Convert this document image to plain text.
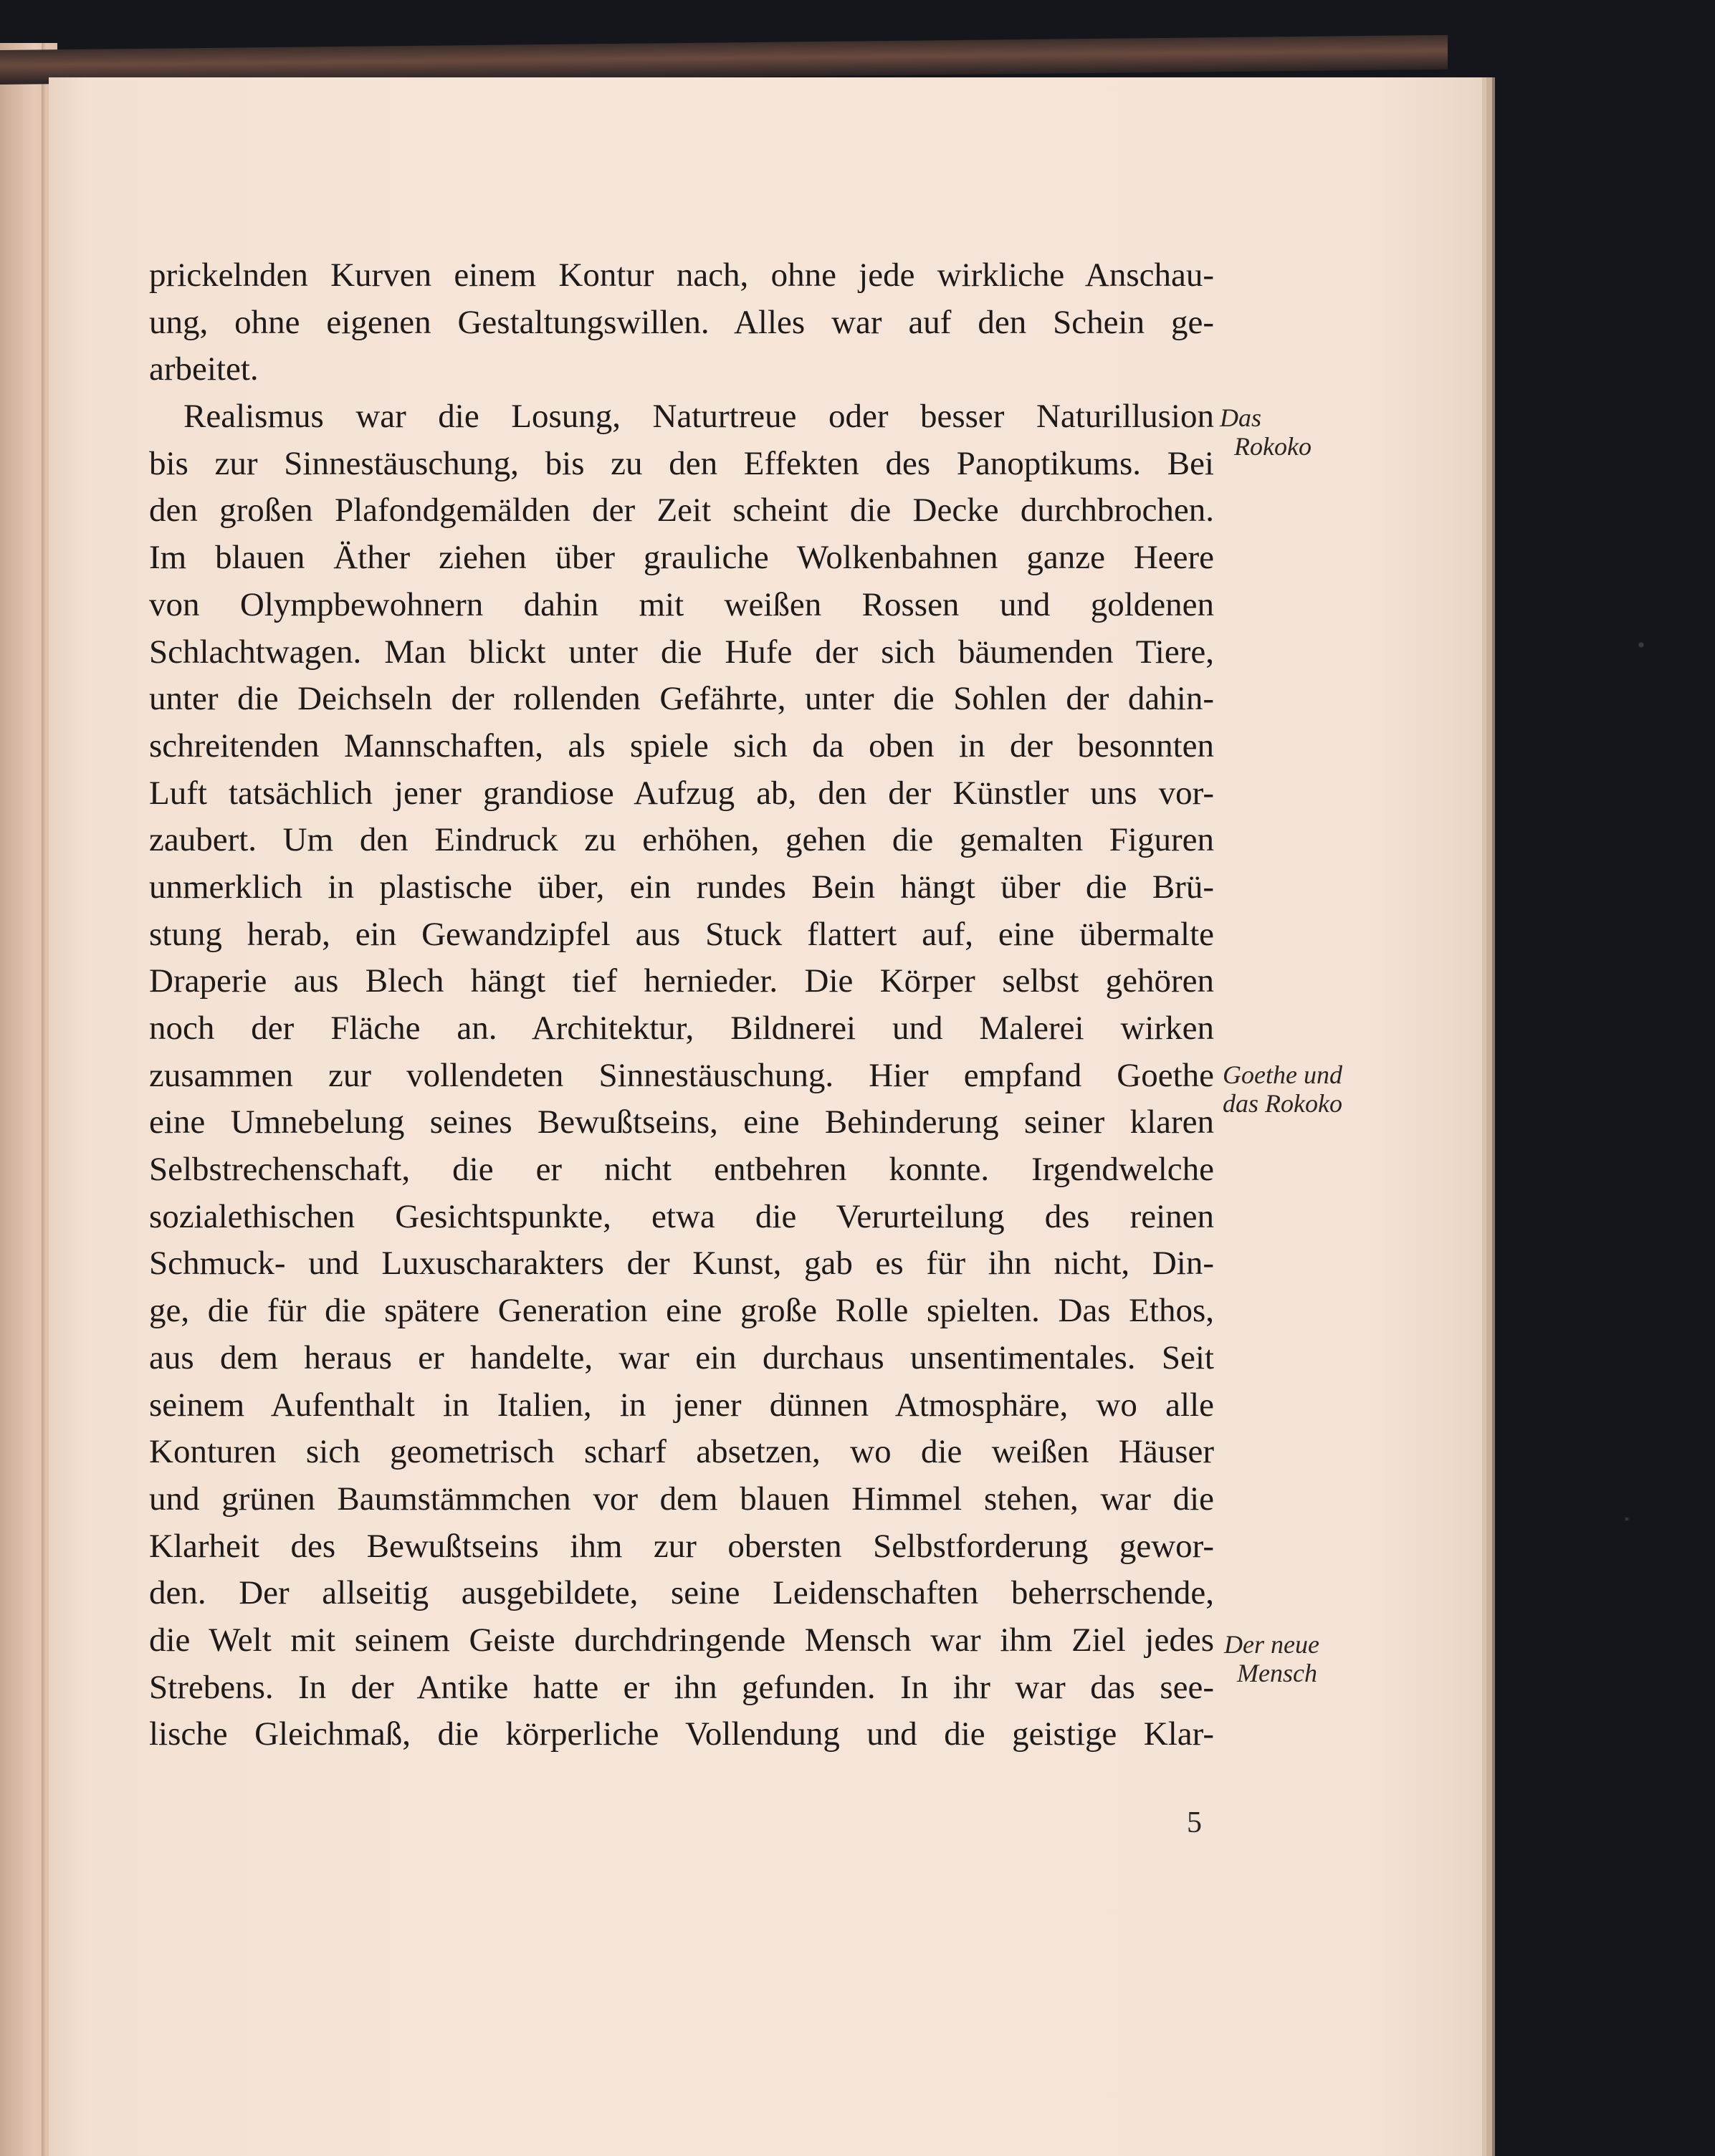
prickelnden Kurven einem Kontur nach, ohne jede wirkliche Anschau-
ung, ohne eigenen Gestaltungswillen. Alles war auf den Schein ge-
arbeitet.
Realismus war die Losung, Naturtreue oder besser Naturillusion
bis zur Sinnestäuschung, bis zu den Effekten des Panoptikums. Bei
den großen Plafondgemälden der Zeit scheint die Decke durchbrochen.
Im blauen Äther ziehen über grauliche Wolkenbahnen ganze Heere
von Olympbewohnern dahin mit weißen Rossen und goldenen
Schlachtwagen. Man blickt unter die Hufe der sich bäumenden Tiere,
unter die Deichseln der rollenden Gefährte, unter die Sohlen der dahin-
schreitenden Mannschaften, als spiele sich da oben in der besonnten
Luft tatsächlich jener grandiose Aufzug ab, den der Künstler uns vor-
zaubert. Um den Eindruck zu erhöhen, gehen die gemalten Figuren
unmerklich in plastische über, ein rundes Bein hängt über die Brü-
stung herab, ein Gewandzipfel aus Stuck flattert auf, eine übermalte
Draperie aus Blech hängt tief hernieder. Die Körper selbst gehören
noch der Fläche an. Architektur, Bildnerei und Malerei wirken
zusammen zur vollendeten Sinnestäuschung. Hier empfand Goethe
eine Umnebelung seines Bewußtseins, eine Behinderung seiner klaren
Selbstrechenschaft, die er nicht entbehren konnte. Irgendwelche
sozialethischen Gesichtspunkte, etwa die Verurteilung des reinen
Schmuck- und Luxuscharakters der Kunst, gab es für ihn nicht, Din-
ge, die für die spätere Generation eine große Rolle spielten. Das Ethos,
aus dem heraus er handelte, war ein durchaus unsentimentales. Seit
seinem Aufenthalt in Italien, in jener dünnen Atmosphäre, wo alle
Konturen sich geometrisch scharf absetzen, wo die weißen Häuser
und grünen Baumstämmchen vor dem blauen Himmel stehen, war die
Klarheit des Bewußtseins ihm zur obersten Selbstforderung gewor-
den. Der allseitig ausgebildete, seine Leidenschaften beherrschende,
die Welt mit seinem Geiste durchdringende Mensch war ihm Ziel jedes
Strebens. In der Antike hatte er ihn gefunden. In ihr war das see-
lische Gleichmaß, die körperliche Vollendung und die geistige Klar-
Das
Rokoko
Goethe und
das Rokoko
Der neue
Mensch
5
